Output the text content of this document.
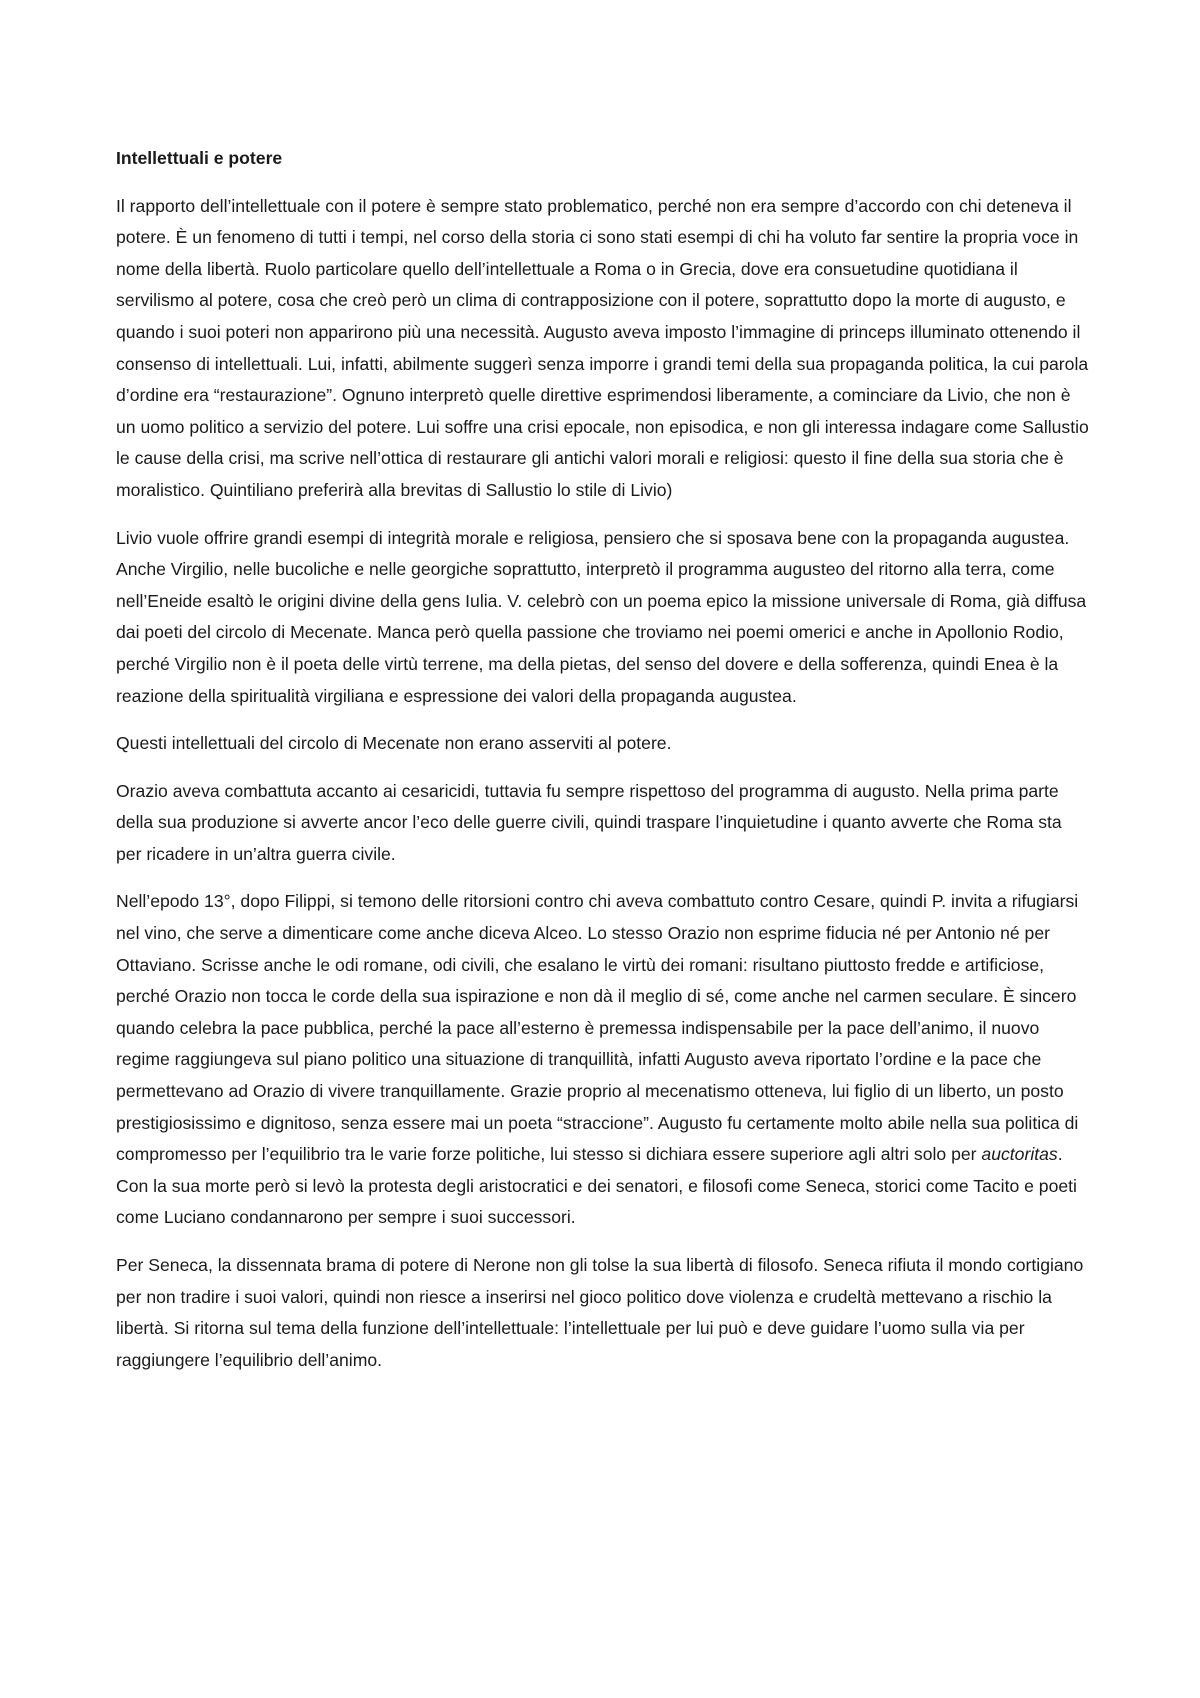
Intellettuali e potere

Il rapporto dell’intellettuale con il potere è sempre stato problematico, perché non era sempre d’accordo con chi deteneva il potere. È un fenomeno di tutti i tempi, nel corso della storia ci sono stati esempi di chi ha voluto far sentire la propria voce in nome della libertà. Ruolo particolare quello dell’intellettuale a Roma o in Grecia, dove era consuetudine quotidiana il servilismo al potere, cosa che creò però un clima di contrapposizione con il potere, soprattutto dopo la morte di augusto, e quando i suoi poteri non apparirono più una necessità. Augusto aveva imposto l’immagine di princeps illuminato ottenendo il consenso di intellettuali. Lui, infatti, abilmente suggerì senza imporre i grandi temi della sua propaganda politica, la cui parola d’ordine era “restaurazione”. Ognuno interpretò quelle direttive esprimendosi liberamente, a cominciare da Livio, che non è un uomo politico a servizio del potere. Lui soffre una crisi epocale, non episodica, e non gli interessa indagare come Sallustio le cause della crisi, ma scrive nell’ottica di restaurare gli antichi valori morali e religiosi: questo il fine della sua storia che è moralistico. Quintiliano preferirà alla brevitas di Sallustio lo stile di Livio)

Livio vuole offrire grandi esempi di integrità morale e religiosa, pensiero che si sposava bene con la propaganda augustea. Anche Virgilio, nelle bucoliche e nelle georgiche soprattutto, interpretò il programma augusteo del ritorno alla terra, come nell’Eneide esaltò le origini divine della gens Iulia. V. celebrò con un poema epico la missione universale di Roma, già diffusa dai poeti del circolo di Mecenate. Manca però quella passione che troviamo nei poemi omerici e anche in Apollonio Rodio, perché Virgilio non è il poeta delle virtù terrene, ma della pietas, del senso del dovere e della sofferenza, quindi Enea è la reazione della spiritualità virgiliana e espressione dei valori della propaganda augustea.

Questi intellettuali del circolo di Mecenate non erano asserviti al potere.

Orazio aveva combattuta accanto ai cesaricidi, tuttavia fu sempre rispettoso del programma di augusto. Nella prima parte della sua produzione si avverte ancor l’eco delle guerre civili, quindi traspare l’inquietudine i quanto avverte che Roma sta per ricadere in un’altra guerra civile.

Nell’epodo 13°, dopo Filippi, si temono delle ritorsioni contro chi aveva combattuto contro Cesare, quindi P. invita a rifugiarsi nel vino, che serve a dimenticare come anche diceva Alceo. Lo stesso Orazio non esprime fiducia né per Antonio né per Ottaviano. Scrisse anche le odi romane, odi civili, che esalano le virtù dei romani: risultano piuttosto fredde e artificiose, perché Orazio non tocca le corde della sua ispirazione e non dà il meglio di sé, come anche nel carmen seculare. È sincero quando celebra la pace pubblica, perché la pace all’esterno è premessa indispensabile per la pace dell’animo, il nuovo regime raggiungeva sul piano politico una situazione di tranquillità, infatti Augusto aveva riportato l’ordine e la pace che permettevano ad Orazio di vivere tranquillamente. Grazie proprio al mecenatismo otteneva, lui figlio di un liberto, un posto prestigiosissimo e dignitoso, senza essere mai un poeta “straccione”. Augusto fu certamente molto abile nella sua politica di compromesso per l’equilibrio tra le varie forze politiche, lui stesso si dichiara essere superiore agli altri solo per auctoritas. Con la sua morte però si levò la protesta degli aristocratici e dei senatori, e filosofi come Seneca, storici come Tacito e poeti come Luciano condannarono per sempre i suoi successori.

Per Seneca, la dissennata brama di potere di Nerone non gli tolse la sua libertà di filosofo. Seneca rifiuta il mondo cortigiano per non tradire i suoi valori, quindi non riesce a inserirsi nel gioco politico dove violenza e crudeltà mettevano a rischio la libertà. Si ritorna sul tema della funzione dell’intellettuale: l’intellettuale per lui può e deve guidare l’uomo sulla via per raggiungere l’equilibrio dell’animo.
